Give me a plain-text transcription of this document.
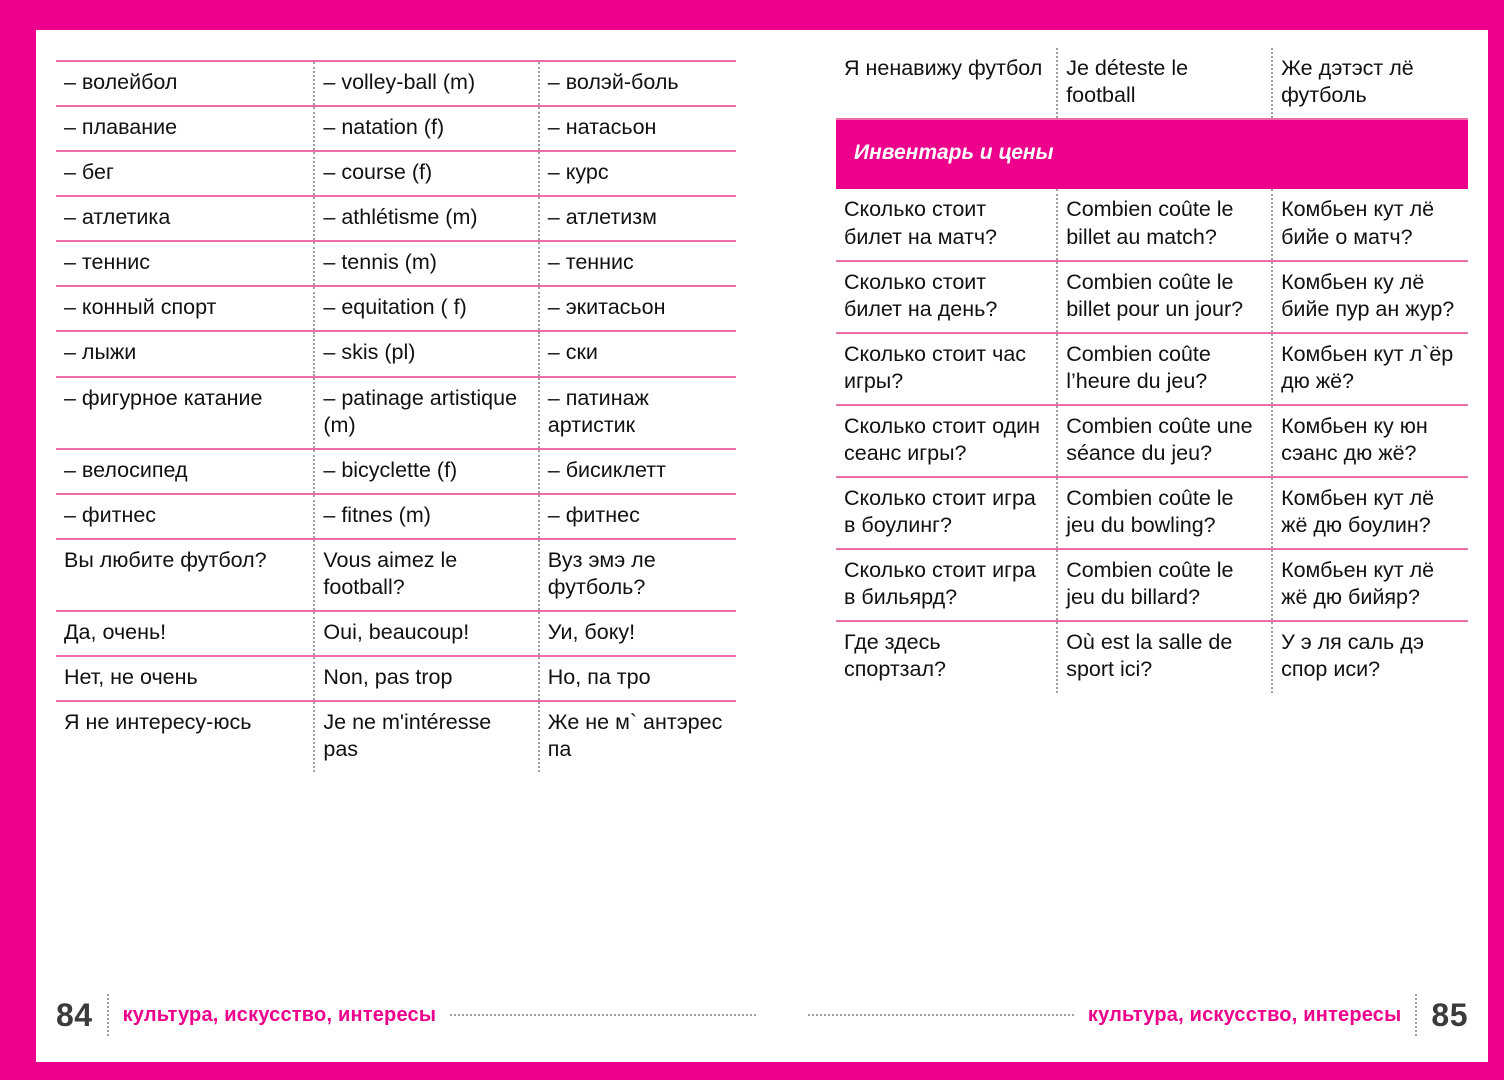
– волейбол	– volley-ball (m)	– волэй-боль
– плавание	– natation (f)	– натасьон
– бег	– course (f)	– курс
– атлетика	– athlétisme (m)	– атлетизм
– теннис	– tennis (m)	– теннис
– конный спорт	– equitation ( f)	– экитасьон
– лыжи	– skis (pl)	– ски
– фигурное катание	– patinage artistique (m)	– патинаж артистик
– велосипед	– bicyclette (f)	– бисиклетт
– фитнес	– fitnes (m)	– фитнес
Вы любите футбол?	Vous aimez le football?	Вуз эмэ ле футболь?
Да, очень!	Oui, beaucoup!	Уи, боку!
Нет, не очень	Non, pas trop	Но, па тро
Я не интересу-юсь	Je ne m'intéresse pas	Же не м` антэрес па
84 культура, искусство, интересы
Я ненавижу футбол	Je déteste le football	Же дэтэст лё футболь

Инвентарь и цены		

Сколько стоит билет на матч?	Combien coûte le billet au match?	Комбьен кут лё бийе о матч?
Сколько стоит билет на день?	Combien coûte le billet pour un jour?	Комбьен ку лё бийе пур ан жур?
Сколько стоит час игры?	Combien coûte l’heure du jeu?	Комбьен кут л`ёр дю жё?
Сколько стоит один сеанс игры?	Combien coûte une séance du jeu?	Комбьен ку юн сэанс дю жё?
Сколько стоит игра в боулинг?	Combien coûte le jeu du bowling?	Комбьен кут лё жё дю боулин?
Сколько стоит игра в бильярд?	Combien coûte le jeu du billard?	Комбьен кут лё жё дю бийяр?
Где здесь спортзал?	Où est la salle de sport ici?	У э ля саль дэ спор иси?
культура, искусство, интересы 85
